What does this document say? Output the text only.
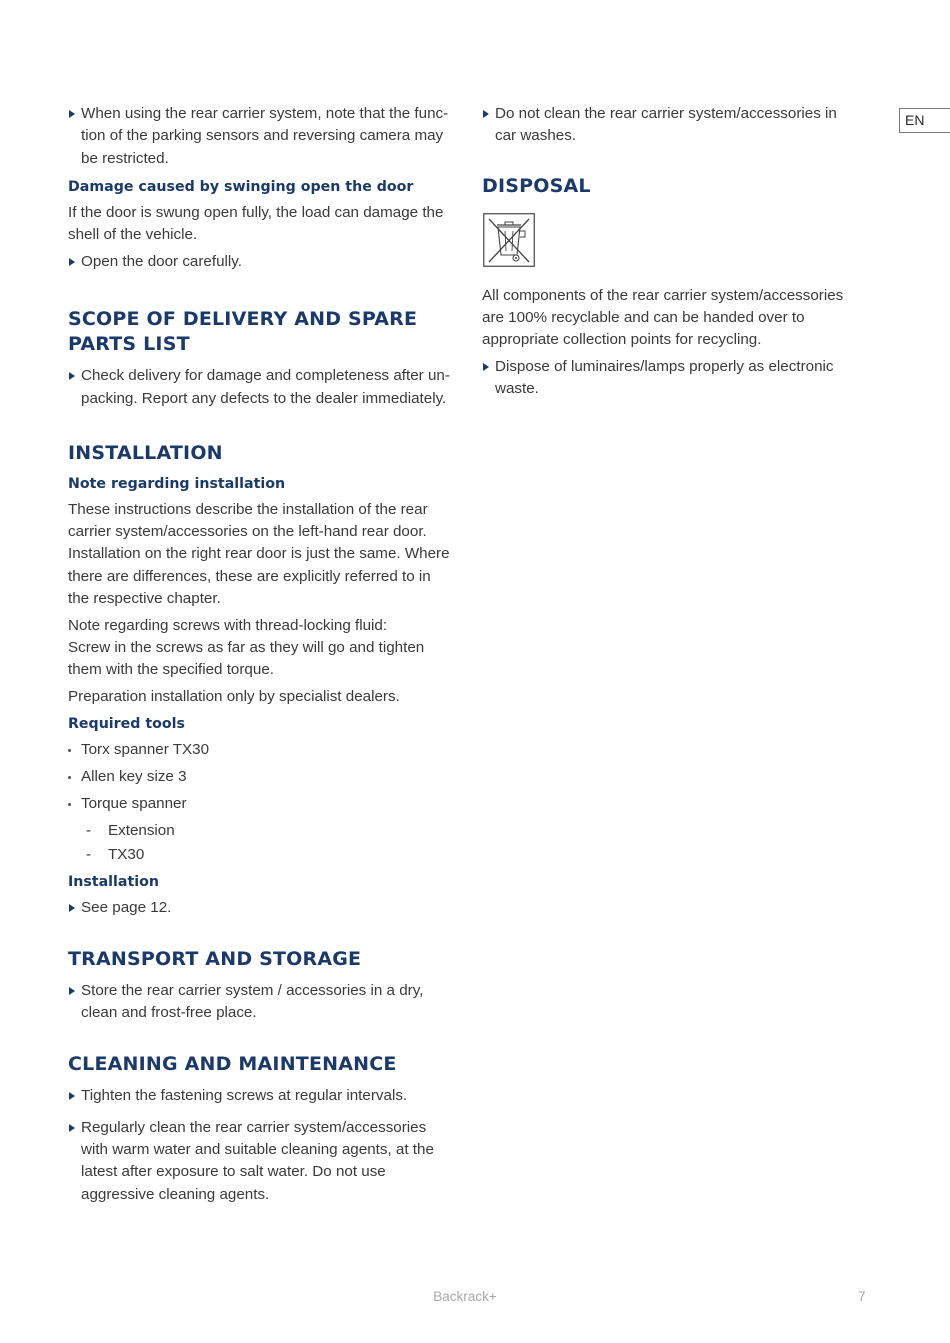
EN
When using the rear carrier system, note that the func-tion of the parking sensors and reversing camera may be restricted.
Damage caused by swinging open the door

If the door is swung open fully, the load can damage the shell of the vehicle.

Open the door carefully.
SCOPE OF DELIVERY AND SPARE PARTS LIST
Check delivery for damage and completeness after un-packing. Report any defects to the dealer immediately.
INSTALLATION
Note regarding installation

These instructions describe the installation of the rear carrier system/accessories on the left-hand rear door. Installation on the right rear door is just the same. Where there are differences, these are explicitly referred to in the respective chapter.

Note regarding screws with thread-locking fluid:
Screw in the screws as far as they will go and tighten them with the specified torque.

Preparation installation only by specialist dealers.

Required tools
Torx spanner TX30
Allen key size 3
Torque spanner
- Extension
- TX30
Installation
See page 12.
TRANSPORT AND STORAGE
Store the rear carrier system / accessories in a dry, clean and frost-free place.
CLEANING AND MAINTENANCE
Tighten the fastening screws at regular intervals.
Regularly clean the rear carrier system/accessories with warm water and suitable cleaning agents, at the latest after exposure to salt water. Do not use aggressive cleaning agents.
Do not clean the rear carrier system/accessories in car washes.
DISPOSAL

All components of the rear carrier system/accessories are 100% recyclable and can be handed over to appropriate collection points for recycling.

Dispose of luminaires/lamps properly as electronic waste.
Backrack+	7
